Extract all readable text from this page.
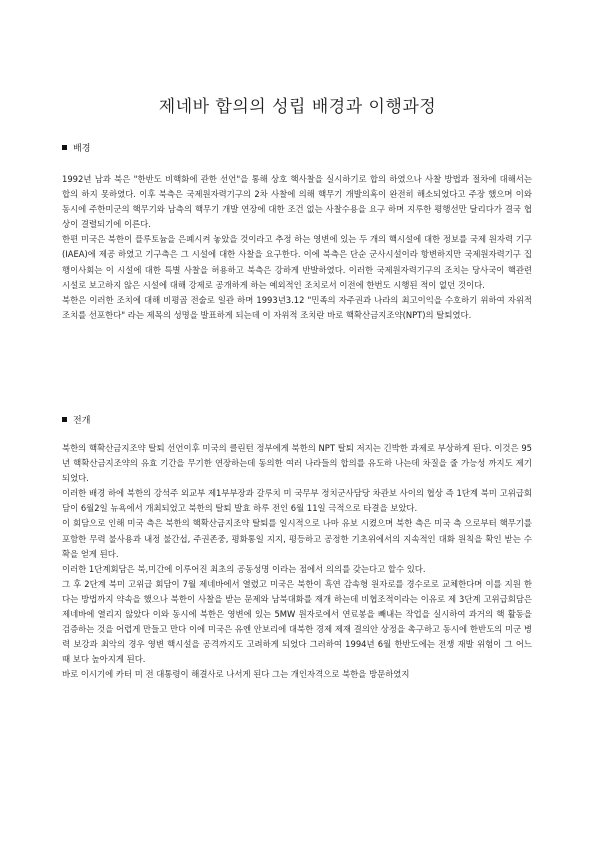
제네바 합의의 성립 배경과 이행과정
배경

1992년 남과 북은 "한반도 비핵화에 관한 선언"을 통해 상호 핵사찰을 실시하기로 합의 하였으나 사찰 방법과 절차에 대해서는 합의 하지 못하였다. 이후 북측은 국제원자력기구의 2차 사찰에 의해 핵무기 개발의혹이 완전히 해소되었다고 주장 했으며 이와 동시에 주한미군의 핵무기와 남측의 핵무기 개발 연장에 대한 조건 없는 사찰수용을 요구 하며 지루한 평행선만 달리다가 결국 협상이 결렬되기에 이른다.

한편 미국은 북한이 플루토늄을 은폐시켜 놓았을 것이라고 추정 하는 영변에 있는 두 개의 핵시설에 대한 정보를 국제 원자력 기구(IAEA)에 제공 하였고 기구측은 그 시설에 대한 사찰을 요구한다. 이에 북측은 단순 군사시설이라 항변하지만 국제원자력기구 집행이사회는 이 시설에 대한 특별 사찰을 허용하고 북측은 강하게 반발하였다. 이러한 국제원자력기구의 조치는 당사국이 핵관련 시설로 보고하지 않은 시설에 대해 강제로 공개하게 하는 예외적인 조치로서 이전에 한번도 시행된 적이 없던 것이다.

북한은 이러한 조치에 대해 비평곱 전술로 일관 하며 1993년3.12 "민족의 자주권과 나라의 최고이익을 수호하기 위하여 자위적 조치를 선포한다" 라는 제목의 성명을 발표하게 되는데 이 자위적 조치란 바로 핵확산금지조약(NPT)의 탈퇴였다.

전개

북한의 핵확산금지조약 탈퇴 선언이후 미국의 클린턴 정부에게 북한의 NPT 탈퇴 저지는 긴박한 과제로 부상하게 된다. 이것은 95년 핵확산금지조약의 유효 기간을 무기한 연장하는데 동의한 여러 나라들의 합의를 유도하 나는데 차질을 줄 가능성 까지도 제기 되었다.

이러한 배경 하에 북한의 강석주 외교부 제1부부장과 갈루치 미 국무부 정치군사담당 차관보 사이의 협상 즉 1단계 북미 고위급회담이 6월2일 뉴욕에서 개최되었고 북한의 탈퇴 발효 하루 전인 6월 11일 극적으로 타결을 보았다.

이 회담으로 인해 미국 측은 북한의 핵확산금지조약 탈퇴를 일시적으로 나마 유보 시켰으며 북한 측은 미국 측 으로부터 핵무기를 포함한 무력 불사용과 내정 불간섭, 주권존중, 평화통일 지지, 평등하고 공정한 기초위에서의 지속적인 대화 원칙을 확인 받는 수확을 얻게 된다.

이러한 1단계회담은 북,미간에 이루어진 최초의 공동성명 이라는 점에서 의의를 갖는다고 할수 있다.

그 후 2단계 북미 고위급 회담이 7월 제네바에서 열렸고 미국은 북한이 흑연 감속형 원자로를 경수로로 교체한다며 이를 지원 한다는 방법까지 약속을 했으나 북한이 사찰을 받는 문제와 남북대화를 재개 하는데 비협조적이라는 이유로 제 3단계 고위급회담은 제네바에 열리지 않았다 이와 동시에 북한은 영변에 있는 5MW 원자로에서 연료봉을 빼내는 작업을 실시하여 과거의 핵 활동을 검증하는 것을 어렵게 만들고 만다 이에 미국은 유엔 안보리에 대북한 경제 제재 결의안 상정을 촉구하고 동시에 한반도의 미군 병력 보강과 최악의 경우 영변 핵시설을 공격까지도 고려하게 되었다 그러하여 1994년 6월 한반도에는 전쟁 재발 위험이 그 어느 때 보다 높아지게 된다.

바로 이시기에 카터 미 전 대통령이 해결사로 나서게 된다 그는 개인자격으로 북한을 방문하였지
